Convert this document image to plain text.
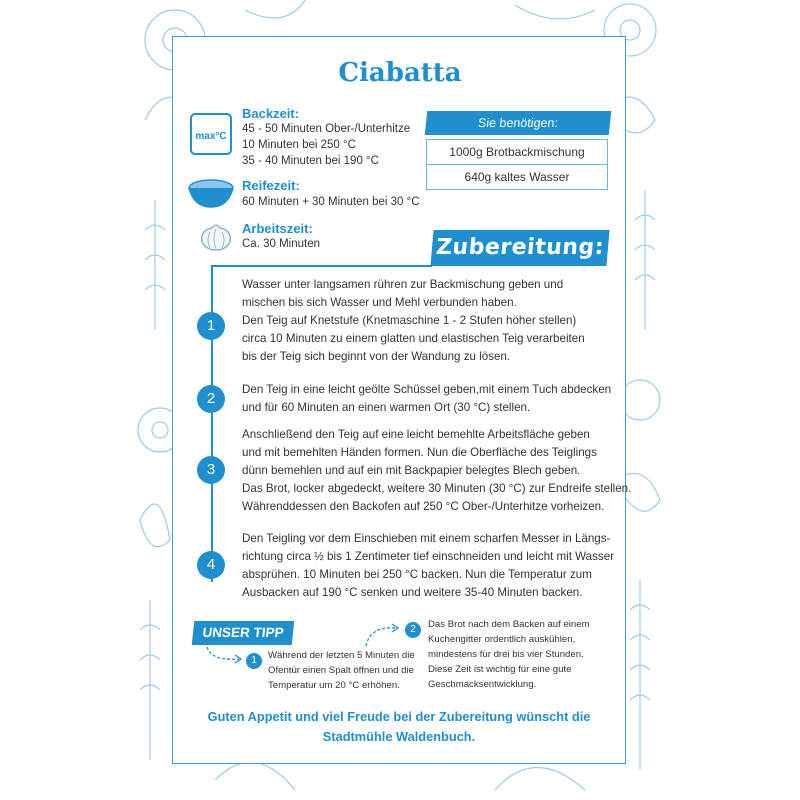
Ciabatta
max°C
Backzeit:
45 - 50 Minuten Ober-/Unterhitze
10 Minuten bei 250 °C
35 - 40 Minuten bei 190 °C
Reifezeit:
60 Minuten + 30 Minuten bei 30 °C
Arbeitszeit:
Ca. 30 Minuten
Sie benötigen:
1000g Brotbackmischung
640g kaltes Wasser
Zubereitung:
1
Wasser unter langsamen rühren zur Backmischung geben und
mischen bis sich Wasser und Mehl verbunden haben.
Den Teig auf Knetstufe (Knetmaschine 1 - 2 Stufen höher stellen)
circa 10 Minuten zu einem glatten und elastischen Teig verarbeiten
bis der Teig sich beginnt von der Wandung zu lösen.
2
Den Teig in eine leicht geölte Schüssel geben,mit einem Tuch abdecken
und für 60 Minuten an einen warmen Ort (30 °C) stellen.
3
Anschließend den Teig auf eine leicht bemehlte Arbeitsfläche geben
und mit bemehlten Händen formen. Nun die Oberfläche des Teiglings
dünn bemehlen und auf ein mit Backpapier belegtes Blech geben.
Das Brot, locker abgedeckt, weitere 30 Minuten (30 °C) zur Endreife stellen.
Währenddessen den Backofen auf 250 °C Ober-/Unterhitze vorheizen.
4
Den Teigling vor dem Einschieben mit einem scharfen Messer in Längs-
richtung circa ½ bis 1 Zentimeter tief einschneiden und leicht mit Wasser
absprühen. 10 Minuten bei 250 °C backen. Nun die Temperatur zum
Ausbacken auf 190 °C senken und weitere 35-40 Minuten backen.
UNSER TIPP
1	Während der letzten 5 Minuten die
Ofentür einen Spalt öffnen und die
Temperatur um 20 °C erhöhen.
2	Das Brot nach dem Backen auf einem
Kuchengitter ordentlich auskühlen,
mindestens für drei bis vier Stunden.
Diese Zeit ist wichtig für eine gute
Geschmacksentwicklung.
Guten Appetit und viel Freude bei der Zubereitung wünscht die
Stadtmühle Waldenbuch.
